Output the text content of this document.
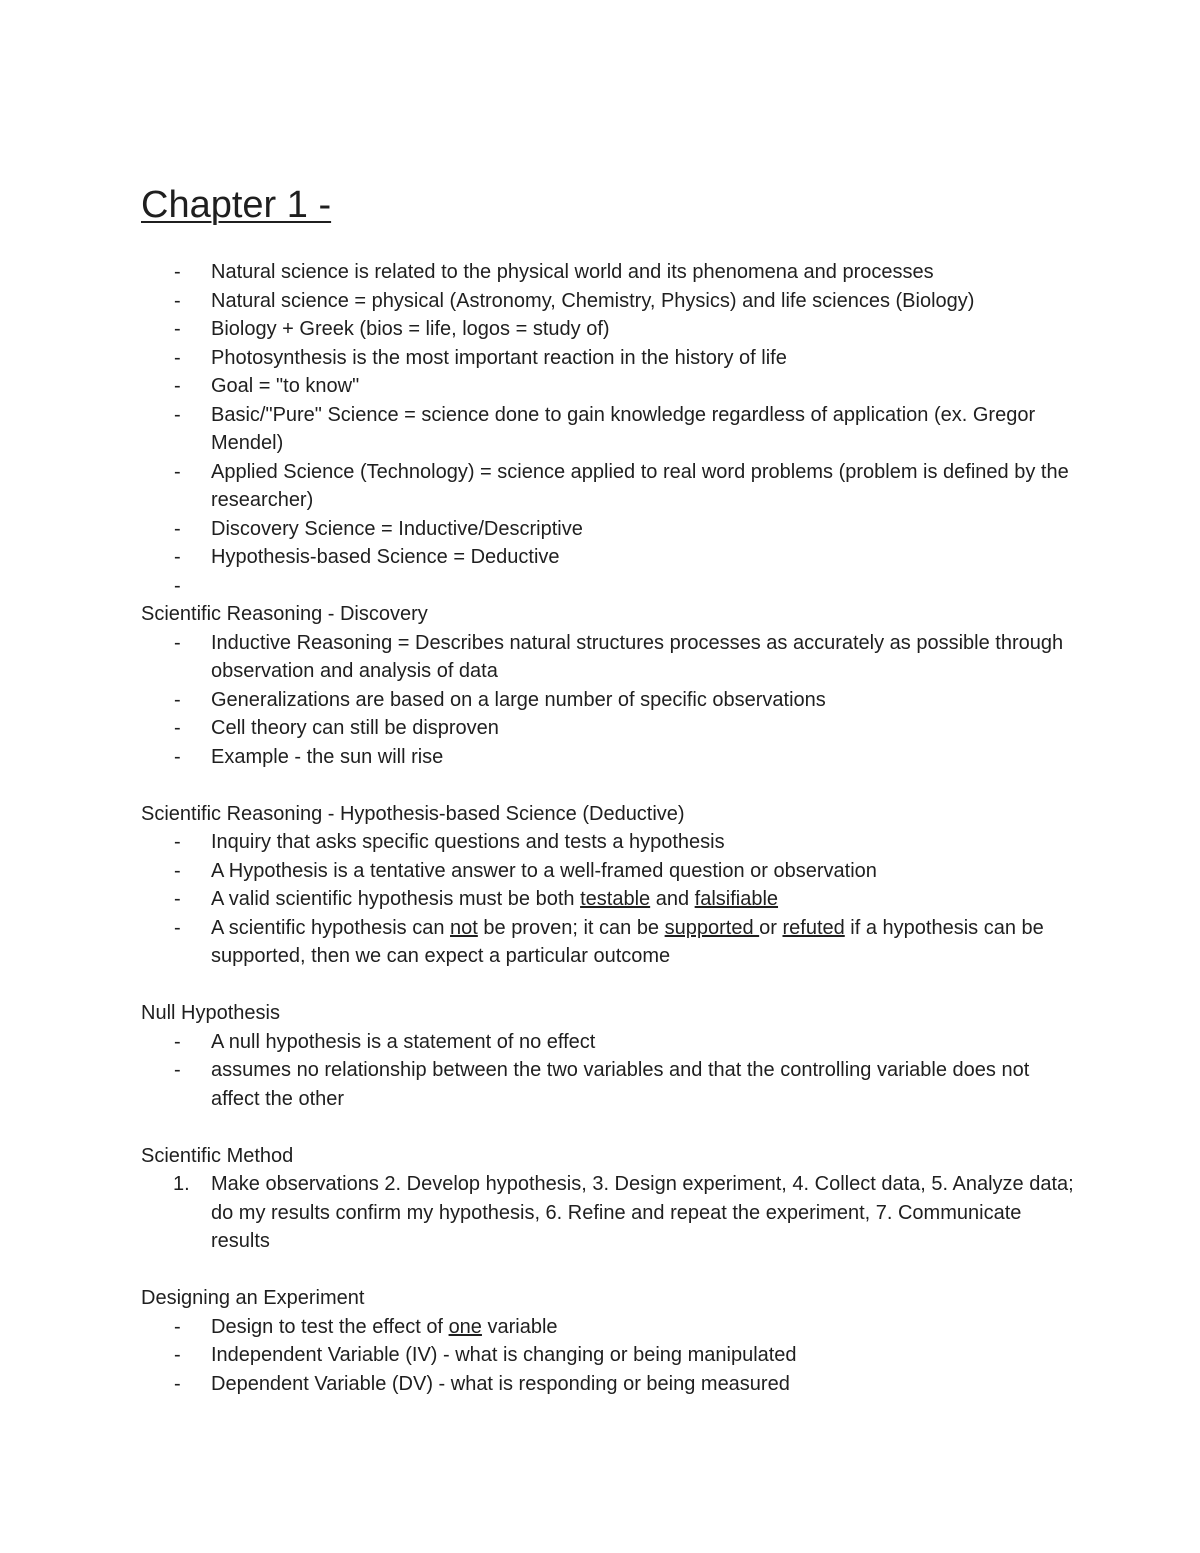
Chapter 1 -
- Natural science is related to the physical world and its phenomena and processes
- Natural science = physical (Astronomy, Chemistry, Physics) and life sciences (Biology)
- Biology + Greek (bios = life, logos = study of)
- Photosynthesis is the most important reaction in the history of life
- Goal = "to know"
- Basic/"Pure" Science = science done to gain knowledge regardless of application (ex. Gregor Mendel)
- Applied Science (Technology) = science applied to real word problems (problem is defined by the researcher)
- Discovery Science = Inductive/Descriptive
- Hypothesis-based Science = Deductive
-

Scientific Reasoning - Discovery

- Inductive Reasoning = Describes natural structures processes as accurately as possible through observation and analysis of data
- Generalizations are based on a large number of specific observations
- Cell theory can still be disproven
- Example - the sun will rise

Scientific Reasoning - Hypothesis-based Science (Deductive)

- Inquiry that asks specific questions and tests a hypothesis
- A Hypothesis is a tentative answer to a well-framed question or observation
- A valid scientific hypothesis must be both testable and falsifiable
- A scientific hypothesis can not be proven; it can be supported or refuted if a hypothesis can be supported, then we can expect a particular outcome

Null Hypothesis

- A null hypothesis is a statement of no effect
- assumes no relationship between the two variables and that the controlling variable does not affect the other

Scientific Method

1. Make observations 2. Develop hypothesis, 3. Design experiment, 4. Collect data, 5. Analyze data; do my results confirm my hypothesis, 6. Refine and repeat the experiment, 7. Communicate results

Designing an Experiment

- Design to test the effect of one variable
- Independent Variable (IV) - what is changing or being manipulated
- Dependent Variable (DV) - what is responding or being measured
